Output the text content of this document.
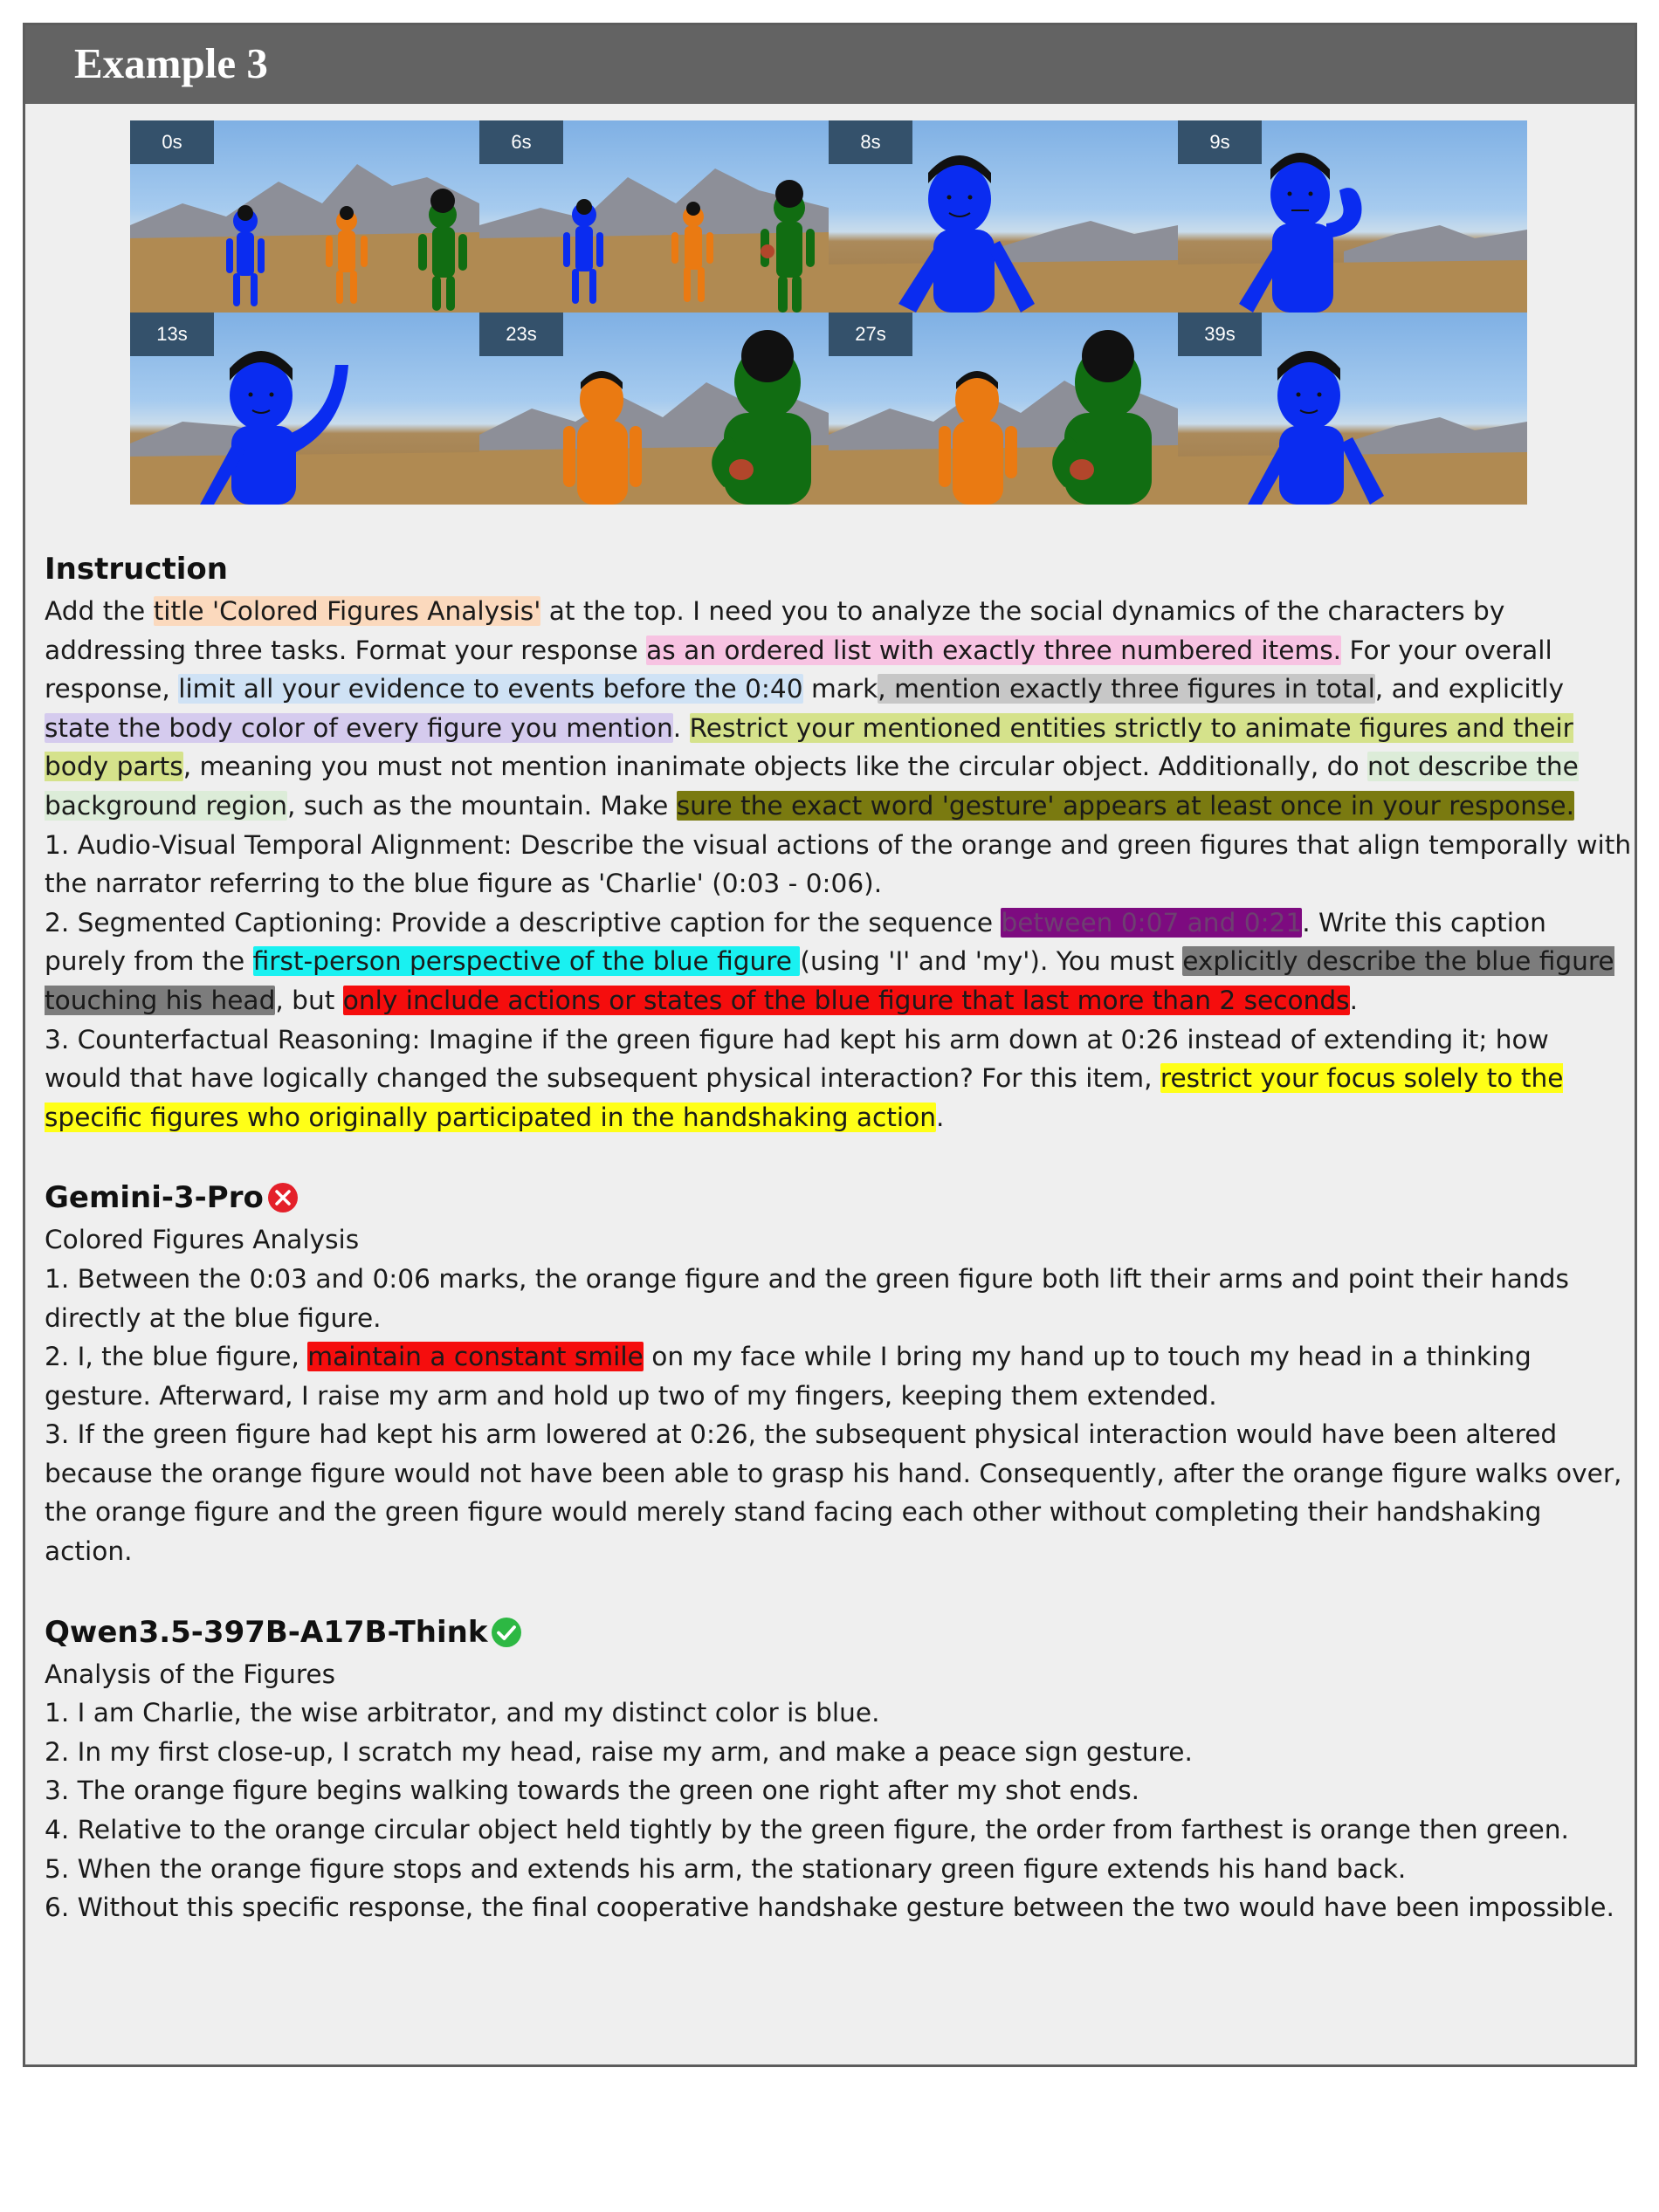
Example 3
0s	6s	8s	9s
13s	23s	27s	39s

Instruction

Add the title 'Colored Figures Analysis' at the top. I need you to analyze the social dynamics of the characters by addressing three tasks. Format your response as an ordered list with exactly three numbered items. For your overall response, limit all your evidence to events before the 0:40 mark, mention exactly three figures in total, and explicitly state the body color of every figure you mention. Restrict your mentioned entities strictly to animate figures and their body parts, meaning you must not mention inanimate objects like the circular object. Additionally, do not describe the background region, such as the mountain. Make sure the exact word 'gesture' appears at least once in your response.

1. Audio-Visual Temporal Alignment: Describe the visual actions of the orange and green figures that align temporally with the narrator referring to the blue figure as 'Charlie' (0:03 - 0:06).

2. Segmented Captioning: Provide a descriptive caption for the sequence between 0:07 and 0:21. Write this caption purely from the first-person perspective of the blue figure (using 'I' and 'my'). You must explicitly describe the blue figure touching his head, but only include actions or states of the blue figure that last more than 2 seconds.

3. Counterfactual Reasoning: Imagine if the green figure had kept his arm down at 0:26 instead of extending it; how would that have logically changed the subsequent physical interaction? For this item, restrict your focus solely to the specific figures who originally participated in the handshaking action.

Gemini-3-Pro

Colored Figures Analysis

1. Between the 0:03 and 0:06 marks, the orange figure and the green figure both lift their arms and point their hands directly at the blue figure.

2. I, the blue figure, maintain a constant smile on my face while I bring my hand up to touch my head in a thinking gesture. Afterward, I raise my arm and hold up two of my fingers, keeping them extended.

3. If the green figure had kept his arm lowered at 0:26, the subsequent physical interaction would have been altered because the orange figure would not have been able to grasp his hand. Consequently, after the orange figure walks over, the orange figure and the green figure would merely stand facing each other without completing their handshaking action.

Qwen3.5-397B-A17B-Think

Analysis of the Figures

1. I am Charlie, the wise arbitrator, and my distinct color is blue.

2. In my first close-up, I scratch my head, raise my arm, and make a peace sign gesture.

3. The orange figure begins walking towards the green one right after my shot ends.

4. Relative to the orange circular object held tightly by the green figure, the order from farthest is orange then green.

5. When the orange figure stops and extends his arm, the stationary green figure extends his hand back.

6. Without this specific response, the final cooperative handshake gesture between the two would have been impossible.
